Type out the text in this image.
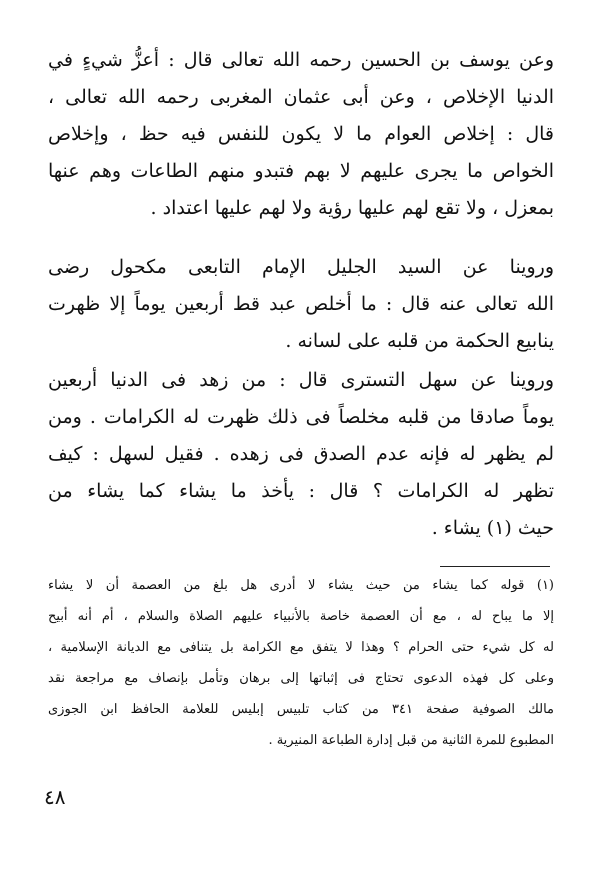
وعن يوسف بن الحسين رحمه الله تعالى قال : أعزُّ شيءٍ في
الدنيا الإخلاص ، وعن أبى عثمان المغربى رحمه الله تعالى ،
قال : إخلاص العوام ما لا يكون للنفس فيه حظ ، وإخلاص
الخواص ما يجرى عليهم لا بهم فتبدو منهم الطاعات وهم عنها
بمعزل ، ولا تقع لهم عليها رؤية ولا لهم عليها اعتداد .
وروينا عن السيد الجليل الإمام التابعى مكحول رضى
الله تعالى عنه قال : ما أخلص عبد قط أربعين يوماً إلا ظهرت
ينابيع الحكمة من قلبه على لسانه .
وروينا عن سهل التسترى قال : من زهد فى الدنيا أربعين
يوماً صادقا من قلبه مخلصاً فى ذلك ظهرت له الكرامات . ومن
لم يظهر له فإنه عدم الصدق فى زهده . فقيل لسهل : كيف
تظهر له الكرامات ؟ قال : يأخذ ما يشاء كما يشاء من
حيث (١) يشاء .
(١) قوله كما يشاء من حيث يشاء لا أدرى هل بلغ من العصمة أن لا يشاء
إلا ما يباح له ، مع أن العصمة خاصة بالأنبياء عليهم الصلاة والسلام ، أم أنه أبيح
له كل شيء حتى الحرام ؟ وهذا لا يتفق مع الكرامة بل يتنافى مع الديانة الإسلامية ،
وعلى كل فهذه الدعوى تحتاج فى إثباتها إلى برهان وتأمل بإنصاف مع مراجعة نقد
مالك الصوفية صفحة ٣٤١ من كتاب تلبيس إبليس للعلامة الحافظ ابن الجوزى
المطبوع للمرة الثانية من قبل إدارة الطباعة المنيرية .
٤٨
